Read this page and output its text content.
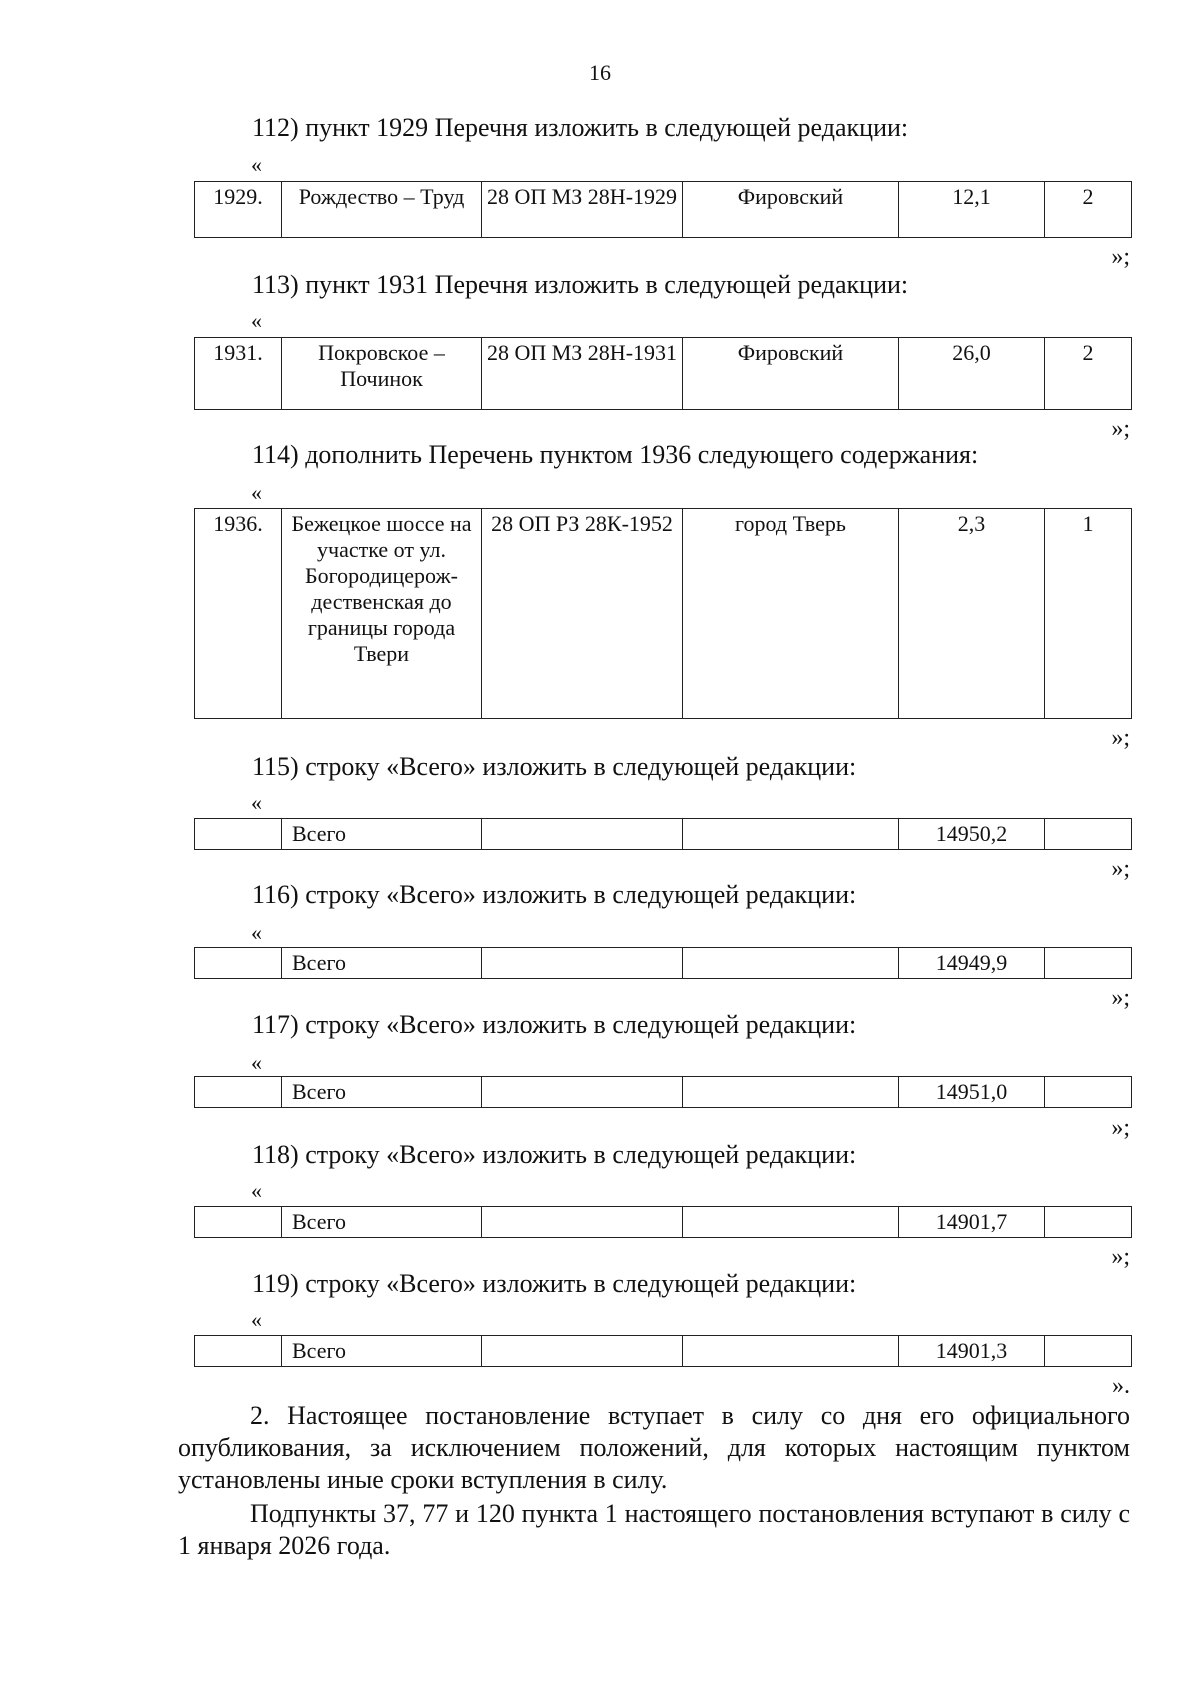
16
112) пункт 1929 Перечня изложить в следующей редакции:
«
1929.	Рождество – Труд	28 ОП МЗ 28Н-1929	Фировский	12,1	2
»;
113) пункт 1931 Перечня изложить в следующей редакции:
«
1931.	Покровское – Починок	28 ОП МЗ 28Н-1931	Фировский	26,0	2
»;
114) дополнить Перечень пунктом 1936 следующего содержания:
«
1936.	Бежецкое шоссе на участке от ул. Богородицерож-дественская до границы города Твери	28 ОП РЗ 28К-1952	город Тверь	2,3	1
»;
115) строку «Всего» изложить в следующей редакции:
«
	Всего			14950,2	
»;
116) строку «Всего» изложить в следующей редакции:
«
	Всего			14949,9	
»;
117) строку «Всего» изложить в следующей редакции:
«
	Всего			14951,0	
»;
118) строку «Всего» изложить в следующей редакции:
«
	Всего			14901,7	
»;
119) строку «Всего» изложить в следующей редакции:
«
	Всего			14901,3	
».
2. Настоящее постановление вступает в силу со дня его официального опубликования, за исключением положений, для которых настоящим пунктом установлены иные сроки вступления в силу.
Подпункты 37, 77 и 120 пункта 1 настоящего постановления вступают в силу с 1 января 2026 года.
